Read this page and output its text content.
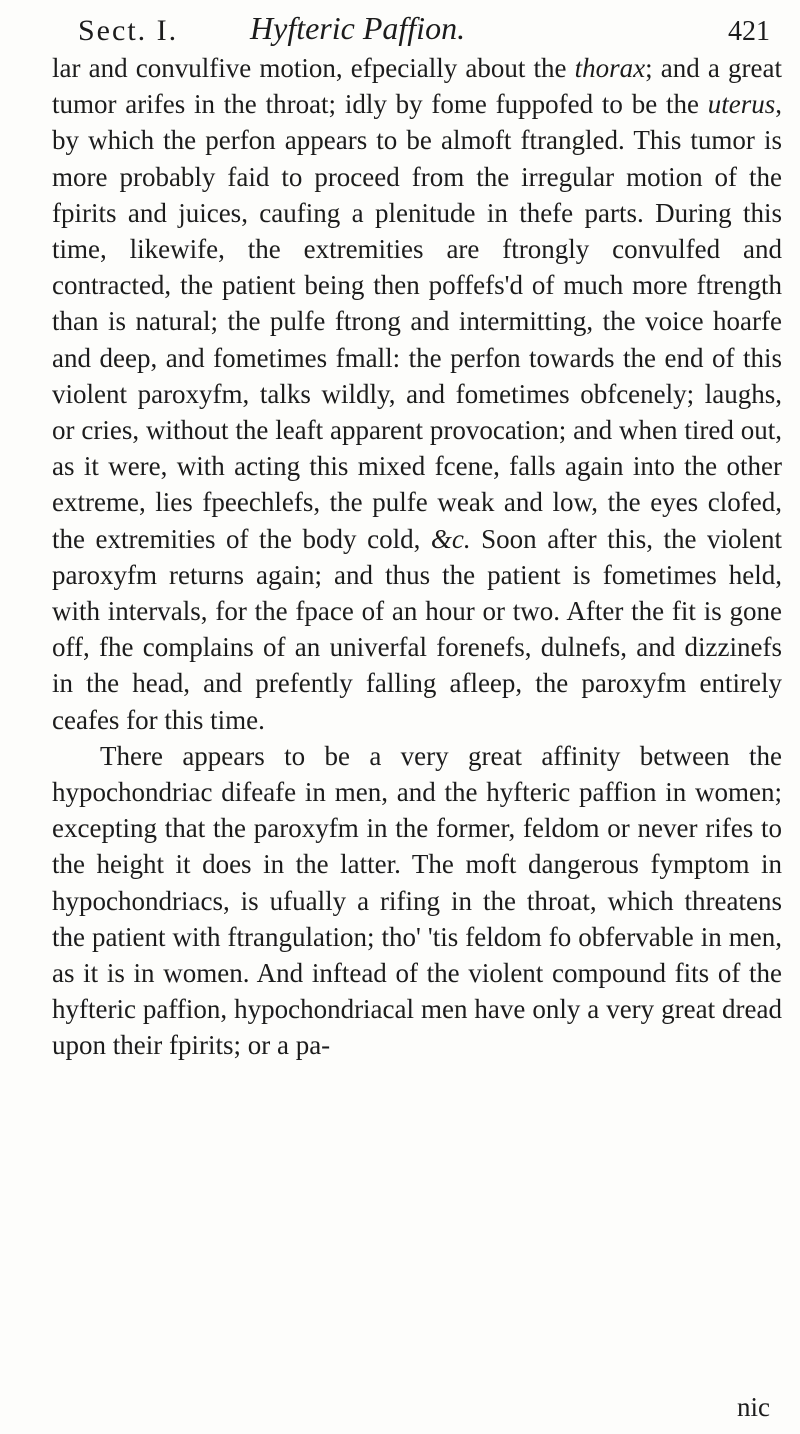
Sect. I. Hyfteric Paffion.	421

lar and convulfive motion, efpecially about the thorax; and a great tumor arifes in the throat; idly by fome fuppofed to be the uterus, by which the perfon appears to be almoft ftrangled. This tumor is more probably faid to proceed from the irregular motion of the fpirits and juices, caufing a plenitude in thefe parts. During this time, likewife, the extremities are ftrongly convulfed and contracted, the patient being then poffefs'd of much more ftrength than is natural; the pulfe ftrong and intermitting, the voice hoarfe and deep, and fometimes fmall: the perfon towards the end of this violent paroxyfm, talks wildly, and fometimes obfcenely; laughs, or cries, without the leaft apparent provocation; and when tired out, as it were, with acting this mixed fcene, falls again into the other extreme, lies fpeechlefs, the pulfe weak and low, the eyes clofed, the extremities of the body cold, &c. Soon after this, the violent paroxyfm returns again; and thus the patient is fometimes held, with intervals, for the fpace of an hour or two. After the fit is gone off, fhe complains of an univerfal forenefs, dulnefs, and dizzinefs in the head, and prefently falling afleep, the paroxyfm entirely ceafes for this time.

There appears to be a very great affinity between the hypochondriac difeafe in men, and the hyfteric paffion in women; excepting that the paroxyfm in the former, feldom or never rifes to the height it does in the latter. The moft dangerous fymptom in hypochondriacs, is ufually a rifing in the throat, which threatens the patient with ftrangulation; tho' 'tis feldom fo obfervable in men, as it is in women. And inftead of the violent compound fits of the hyfteric paffion, hypochondriacal men have only a very great dread upon their fpirits; or a pa-

nic
